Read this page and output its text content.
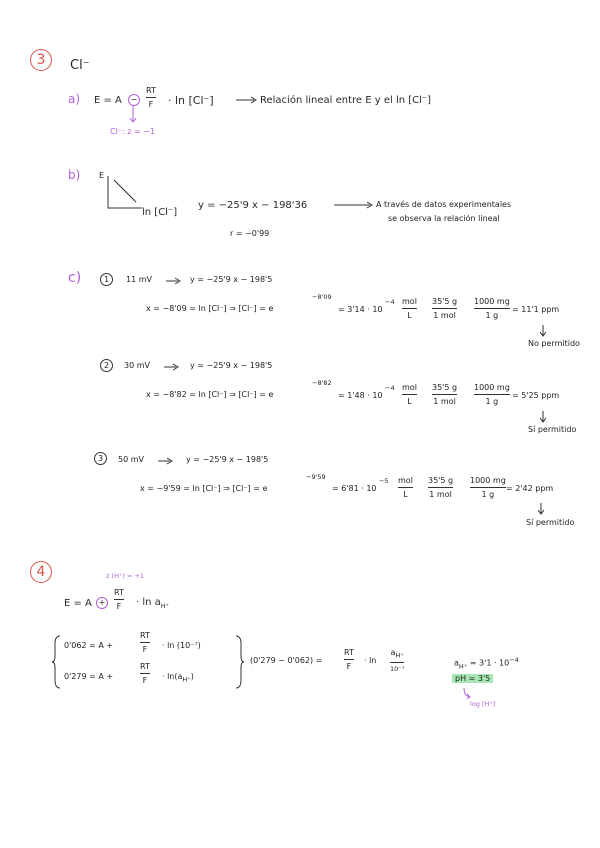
3 Cl⁻
a) E = A	−
RT
F · ln [Cl⁻]	Relación lineal entre E y el ln [Cl⁻]
Cl⁻: z = −1
b) E
ln [Cl⁻]
y = −25'9 x − 198'36
r = −0'99
A través de datos experimentales
se observa la relación lineal
c)	1 11 mV	y = −25'9 x − 198'5
x = −8'09 = ln [Cl⁻] ⇒ [Cl⁻] = e
−8'09
= 3'14 · 10
−4 mol
L
35'5 g
1 mol
1000 mg
1 g
= 11'1 ppm
No permitido
2 30 mV	y = −25'9 x − 198'5
x = −8'82 = ln [Cl⁻] ⇒ [Cl⁻] = e
−8'82
= 1'48 · 10
−4 mol
L
35'5 g
1 mol
1000 mg
1 g
= 5'25 ppm
Sí permitido
3 50 mV	y = −25'9 x − 198'5
x = −9'59 = ln [Cl⁻] ⇒ [Cl⁻] = e
−9'59
= 6'81 · 10
−5 mol
L
35'5 g
1 mol
1000 mg
1 g
= 2'42 ppm
Sí permitido
4	z (H⁺) = +1
E = A +
RT
$F \cdot \ln a_{H^+}$
0'062 = A +
RT
F · ln (10⁻⁷)
0'279 = A +
RT
$F \cdot \ln(a_{H^+})$
(0'279 − 0'062) =
RT
F
· ln
$a_{H^+}$
10⁻⁷
$a_{H^+} = 3'1 \cdot 10^{-4}$
pH = 3'5
log [H⁺]
